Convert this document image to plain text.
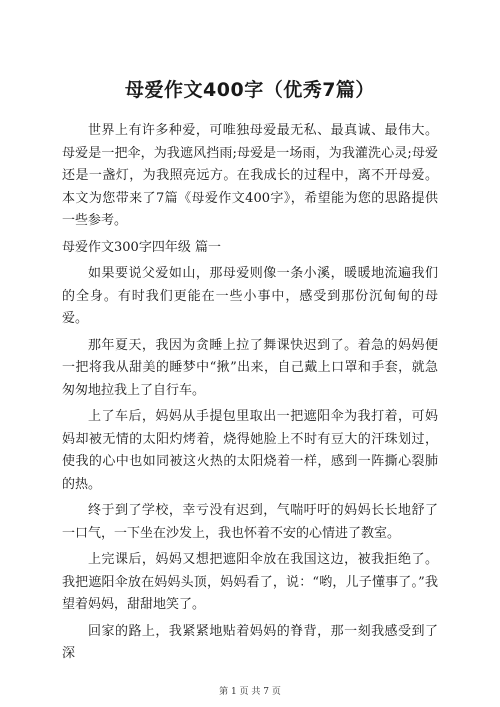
母爱作文400字（优秀7篇）

世界上有许多种爱，可唯独母爱最无私、最真诚、最伟大。母爱是一把伞，为我遮风挡雨;母爱是一场雨，为我灌洗心灵;母爱还是一盏灯，为我照亮远方。在我成长的过程中，离不开母爱。本文为您带来了7篇《母爱作文400字》，希望能为您的思路提供一些参考。

母爱作文300字四年级 篇一

如果要说父爱如山，那母爱则像一条小溪，暖暖地流遍我们的全身。有时我们更能在一些小事中，感受到那份沉甸甸的母爱。

那年夏天，我因为贪睡上拉了舞课快迟到了。着急的妈妈便一把将我从甜美的睡梦中“揪”出来，自己戴上口罩和手套，就急匆匆地拉我上了自行车。

上了车后，妈妈从手提包里取出一把遮阳伞为我打着，可妈妈却被无情的太阳灼烤着，烧得她脸上不时有豆大的汗珠划过，使我的心中也如同被这火热的太阳烧着一样，感到一阵撕心裂肺的热。

终于到了学校，幸亏没有迟到，气喘吁吁的妈妈长长地舒了一口气，一下坐在沙发上，我也怀着不安的心情进了教室。

上完课后，妈妈又想把遮阳伞放在我国这边，被我拒绝了。我把遮阳伞放在妈妈头顶，妈妈看了，说：“哟，儿子懂事了。”我望着妈妈，甜甜地笑了。

回家的路上，我紧紧地贴着妈妈的脊背，那一刻我感受到了深

第 1 页 共 7 页
